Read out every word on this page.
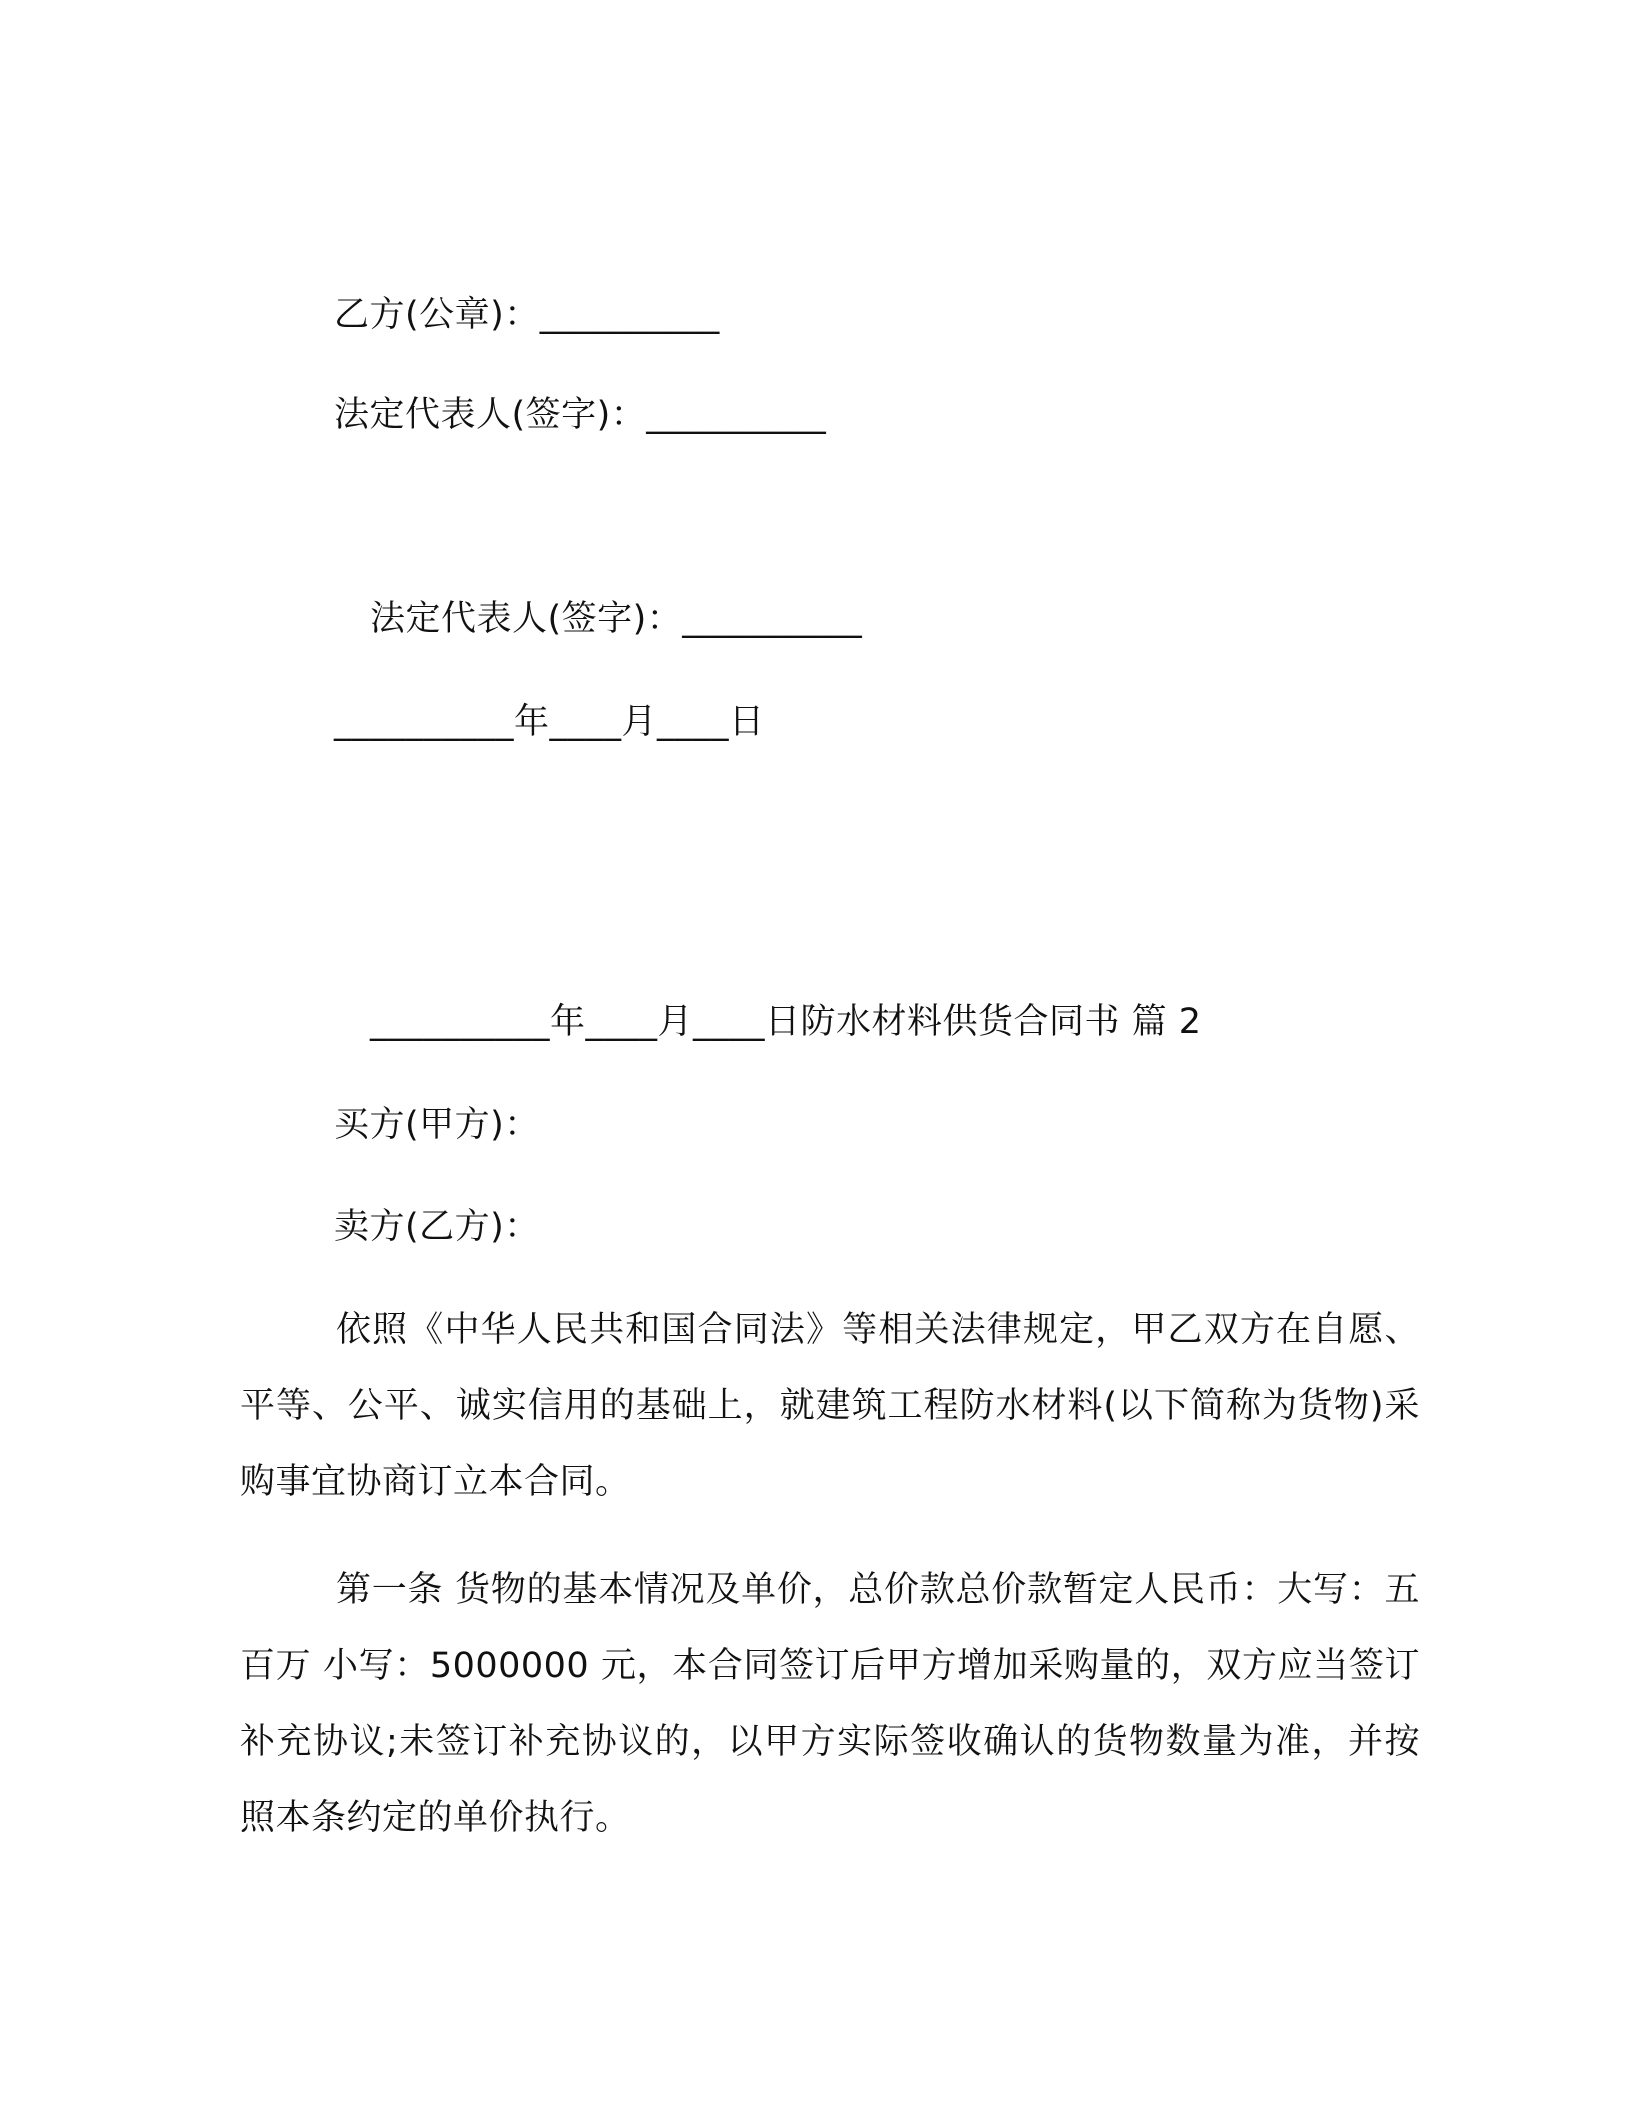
乙方(公章)：__________
法定代表人(签字)：__________
法定代表人(签字)：__________
__________年____月____日
__________年____月____日防水材料供货合同书 篇 2
买方(甲方)：
卖方(乙方)：
依照《中华人民共和国合同法》等相关法律规定，甲乙双方在自愿、平等、公平、诚实信用的基础上，就建筑工程防水材料(以下简称为货物)采购事宜协商订立本合同。
第一条 货物的基本情况及单价，总价款总价款暂定人民币：大写：五百万 小写：5000000 元，本合同签订后甲方增加采购量的，双方应当签订补充协议;未签订补充协议的，以甲方实际签收确认的货物数量为准，并按照本条约定的单价执行。
